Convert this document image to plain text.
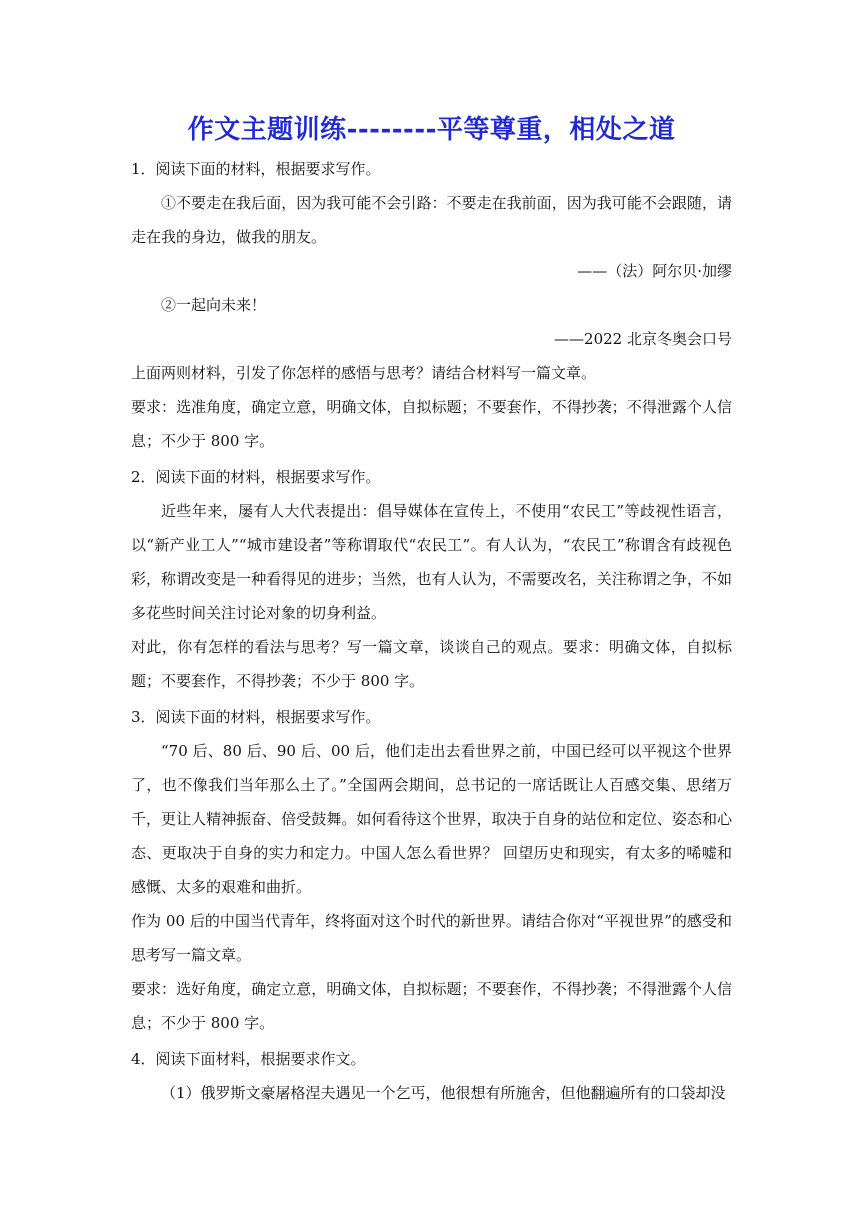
作文主题训练--------平等尊重，相处之道

1．阅读下面的材料，根据要求写作。

①不要走在我后面，因为我可能不会引路：不要走在我前面，因为我可能不会跟随，请走在我的身边，做我的朋友。

——（法）阿尔贝·加缪

②一起向未来！

——2022 北京冬奥会口号

上面两则材料，引发了你怎样的感悟与思考？请结合材料写一篇文章。

要求：选准角度，确定立意，明确文体，自拟标题；不要套作，不得抄袭；不得泄露个人信息；不少于 800 字。

2．阅读下面的材料，根据要求写作。

近些年来，屡有人大代表提出：倡导媒体在宣传上，不使用“农民工”等歧视性语言，以“新产业工人”“城市建设者”等称谓取代“农民工”。有人认为，“农民工”称谓含有歧视色彩，称谓改变是一种看得见的进步；当然，也有人认为，不需要改名，关注称谓之争，不如多花些时间关注讨论对象的切身利益。

对此，你有怎样的看法与思考？写一篇文章，谈谈自己的观点。要求：明确文体，自拟标题；不要套作，不得抄袭；不少于 800 字。

3．阅读下面的材料，根据要求写作。

“70 后、80 后、90 后、00 后，他们走出去看世界之前，中国已经可以平视这个世界了，也不像我们当年那么土了。”全国两会期间，总书记的一席话既让人百感交集、思绪万千，更让人精神振奋、倍受鼓舞。如何看待这个世界，取决于自身的站位和定位、姿态和心态、更取决于自身的实力和定力。中国人怎么看世界？ 回望历史和现实，有太多的唏嘘和感慨、太多的艰难和曲折。

作为 00 后的中国当代青年，终将面对这个时代的新世界。请结合你对“平视世界”的感受和思考写一篇文章。

要求：选好角度，确定立意，明确文体，自拟标题；不要套作，不得抄袭；不得泄露个人信息；不少于 800 字。

4．阅读下面材料，根据要求作文。

（1）俄罗斯文豪屠格涅夫遇见一个乞丐，他很想有所施舍，但他翻遍所有的口袋却没
